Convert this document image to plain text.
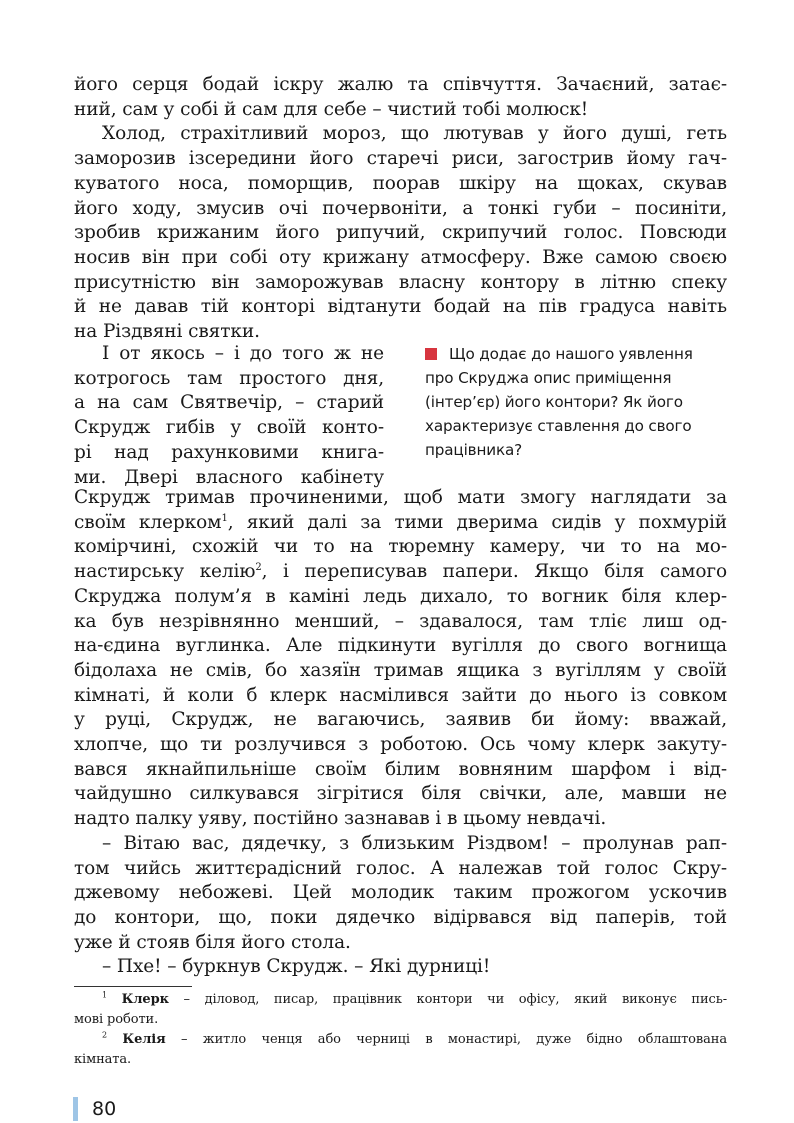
його серця бодай іскру жалю та співчуття. Зачаєний, затає-
ний, сам у собі й сам для себе – чистий тобі молюск!
Холод, страхітливий мороз, що лютував у його душі, геть
заморозив ізсередини його старечі риси, загострив йому гач-
куватого носа, поморщив, поорав шкіру на щоках, скував
його ходу, змусив очі почервоніти, а тонкі губи – посиніти,
зробив крижаним його рипучий, скрипучий голос. Повсюди
носив він при собі оту крижану атмосферу. Вже самою своєю
присутністю він заморожував власну контору в літню спеку
й не давав тій конторі відтанути бодай на пів градуса навіть
на Різдвяні святки.
І от якось – і до того ж не
котрогось там простого дня,
а на сам Святвечір, – старий
Скрудж гибів у своїй конто-
рі над рахунковими книга-
ми. Двері власного кабінету
Що додає до нашого уявлення
про Скруджа опис приміщення
(інтер’єр) його контори? Як його
характеризує ставлення до свого
працівника?
Скрудж тримав прочиненими, щоб мати змогу наглядати за
своїм клерком$^1$, який далі за тими дверима сидів у похмурій
комірчині, схожій чи то на тюремну камеру, чи то на мо-
настирську келію$^2$, і переписував папери. Якщо біля самого
Скруджа полум’я в каміні ледь дихало, то вогник біля клер-
ка був незрівнянно менший, – здавалося, там тліє лиш од-
на-єдина вуглинка. Але підкинути вугілля до свого вогнища
бідолаха не смів, бо хазяїн тримав ящика з вугіллям у своїй
кімнаті, й коли б клерк насмілився зайти до нього із совком
у руці, Скрудж, не вагаючись, заявив би йому: вважай,
хлопче, що ти розлучився з роботою. Ось чому клерк закуту-
вався якнайпильніше своїм білим вовняним шарфом і від-
чайдушно силкувався зігрітися біля свічки, але, мавши не
надто палку уяву, постійно зазнавав і в цьому невдачі.
– Вітаю вас, дядечку, з близьким Різдвом! – пролунав рап-
том чийсь життєрадісний голос. А належав той голос Скру-
джевому небожеві. Цей молодик таким прожогом ускочив
до контори, що, поки дядечко відірвався від паперів, той
уже й стояв біля його стола.
– Пхе! – буркнув Скрудж. – Які дурниці!
$^1$ Клерк – діловод, писар, працівник контори чи офісу, який виконує пись-
мові роботи.
$^2$ Келія – житло ченця або черниці в монастирі, дуже бідно облаштована
кімната.
80
